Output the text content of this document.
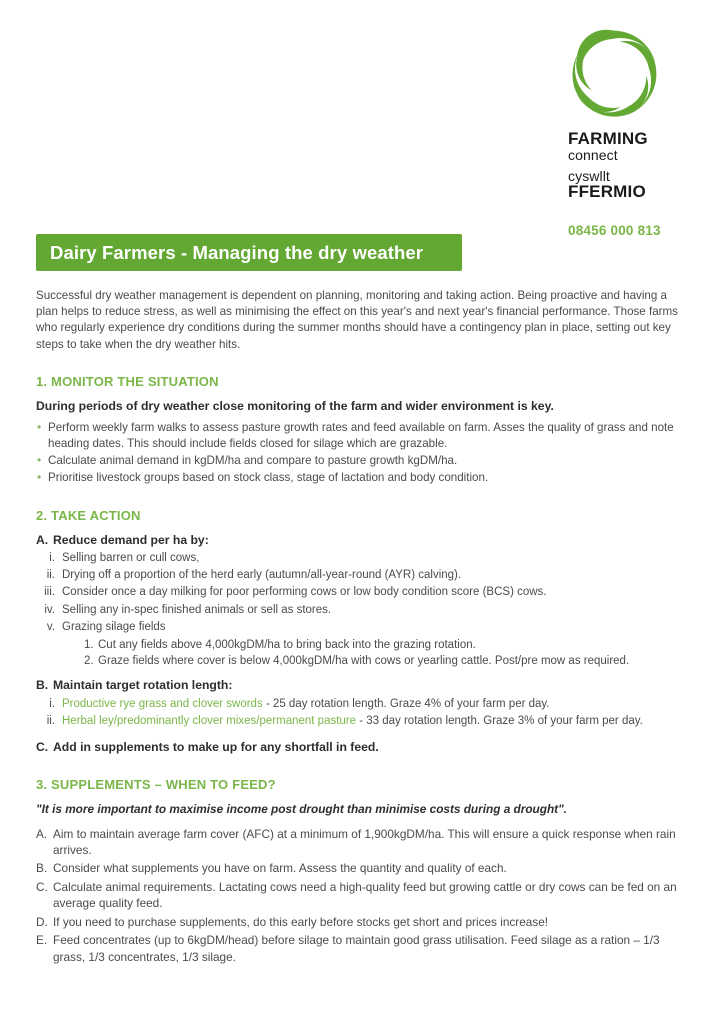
FARMING
connect
cyswllt
FFERMIO
08456 000 813
Dairy Farmers - Managing the dry weather

Successful dry weather management is dependent on planning, monitoring and taking action. Being proactive and having a plan helps to reduce stress, as well as minimising the effect on this year's and next year's financial performance. Those farms who regularly experience dry conditions during the summer months should have a contingency plan in place, setting out key steps to take when the dry weather hits.

1. MONITOR THE SITUATION
During periods of dry weather close monitoring of the farm and wider environment is key.
• Perform weekly farm walks to assess pasture growth rates and feed available on farm. Asses the quality of grass and note heading dates. This should include fields closed for silage which are grazable.
• Calculate animal demand in kgDM/ha and compare to pasture growth kgDM/ha.
• Prioritise livestock groups based on stock class, stage of lactation and body condition.
2. TAKE ACTION
A. Reduce demand per ha by:
i. Selling barren or cull cows,
ii. Drying off a proportion of the herd early (autumn/all-year-round (AYR) calving).
iii. Consider once a day milking for poor performing cows or low body condition score (BCS) cows.
iv. Selling any in-spec finished animals or sell as stores.
v. Grazing silage fields
1. Cut any fields above 4,000kgDM/ha to bring back into the grazing rotation.
2. Graze fields where cover is below 4,000kgDM/ha with cows or yearling cattle. Post/pre mow as required.
B. Maintain target rotation length:
i. Productive rye grass and clover swords - 25 day rotation length. Graze 4% of your farm per day.
ii. Herbal ley/predominantly clover mixes/permanent pasture - 33 day rotation length. Graze 3% of your farm per day.
C. Add in supplements to make up for any shortfall in feed.
3. SUPPLEMENTS – WHEN TO FEED?
"It is more important to maximise income post drought than minimise costs during a drought".
A. Aim to maintain average farm cover (AFC) at a minimum of 1,900kgDM/ha. This will ensure a quick response when rain arrives.
B. Consider what supplements you have on farm. Assess the quantity and quality of each.
C. Calculate animal requirements. Lactating cows need a high-quality feed but growing cattle or dry cows can be fed on an average quality feed.
D. If you need to purchase supplements, do this early before stocks get short and prices increase!
E. Feed concentrates (up to 6kgDM/head) before silage to maintain good grass utilisation. Feed silage as a ration – 1/3 grass, 1/3 concentrates, 1/3 silage.
